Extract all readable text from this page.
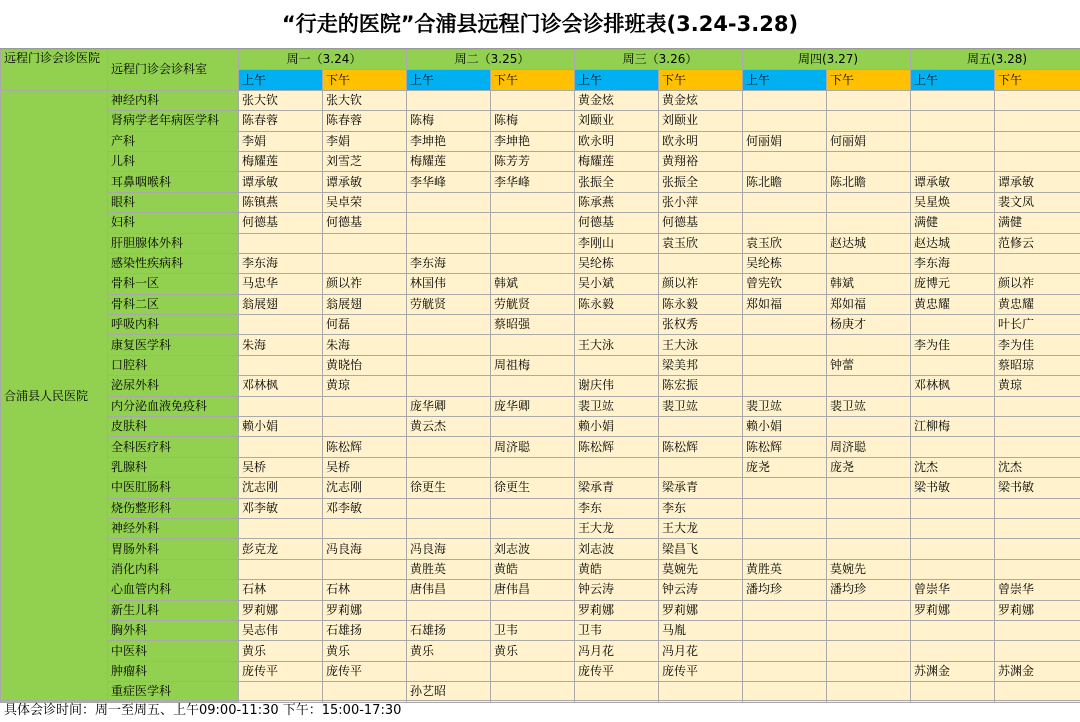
“行走的医院”合浦县远程门诊会诊排班表(3.24-3.28)
远程门诊会诊医院	远程门诊会诊科室	周一（3.24）		周二（3.25）		周三（3.26）		周四(3.27)		周五(3.28)	
		上午	下午	上午	下午	上午	下午	上午	下午	上午	下午
合浦县人民医院	神经内科	张大钦	张大钦			黄金炫	黄金炫				
	肾病学老年病医学科	陈春蓉	陈春蓉	陈梅	陈梅	刘颐业	刘颐业				
	产科	李娟	李娟	李坤艳	李坤艳	欧永明	欧永明	何丽娟	何丽娟		
	儿科	梅耀莲	刘雪芝	梅耀莲	陈芳芳	梅耀莲	黄翔裕				
	耳鼻咽喉科	谭承敏	谭承敏	李华峰	李华峰	张振全	张振全	陈北瞻	陈北瞻	谭承敏	谭承敏
	眼科	陈镇燕	吴卓荣			陈承燕	张小萍			吴星焕	裴文凤
	妇科	何德基	何德基			何德基	何德基			满健	满健
	肝胆腺体外科					李刚山	袁玉欣	袁玉欣	赵达城	赵达城	范修云
	感染性疾病科	李东海		李东海		吴纶栋		吴纶栋		李东海	
	骨科一区	马忠华	颜以祚	林国伟	韩斌	吴小斌	颜以祚	曾宪钦	韩斌	庞博元	颜以祚
	骨科二区	翁展翅	翁展翅	劳觥贤	劳觥贤	陈永毅	陈永毅	郑如福	郑如福	黄忠耀	黄忠耀
	呼吸内科		何磊		蔡昭强		张权秀		杨庚才		叶长广
	康复医学科	朱海	朱海			王大泳	王大泳			李为佳	李为佳
	口腔科		黄晓怡		周祖梅		梁美邦		钟蕾		蔡昭琼
	泌尿外科	邓林枫	黄琼			谢庆伟	陈宏振			邓林枫	黄琼
	内分泌血液免疫科			庞华卿	庞华卿	裴卫竑	裴卫竑	裴卫竑	裴卫竑		
	皮肤科	赖小娟		黄云杰		赖小娟		赖小娟		江柳梅	
	全科医疗科		陈松辉		周济聪	陈松辉	陈松辉	陈松辉	周济聪		
	乳腺科	吴桥	吴桥					庞尧	庞尧	沈杰	沈杰
	中医肛肠科	沈志刚	沈志刚	徐更生	徐更生	梁承青	梁承青			梁书敏	梁书敏
	烧伤整形科	邓李敏	邓李敏			李东	李东				
	神经外科					王大龙	王大龙				
	胃肠外科	彭克龙	冯良海	冯良海	刘志波	刘志波	梁昌飞				
	消化内科			黄胜英	黄皓	黄皓	莫婉先	黄胜英	莫婉先		
	心血管内科	石林	石林	唐伟昌	唐伟昌	钟云涛	钟云涛	潘均珍	潘均珍	曾崇华	曾崇华
	新生儿科	罗莉娜	罗莉娜			罗莉娜	罗莉娜			罗莉娜	罗莉娜
	胸外科	吴志伟	石雄扬	石雄扬	卫韦	卫韦	马胤				
	中医科	黄乐	黄乐	黄乐	黄乐	冯月花	冯月花				
	肿瘤科	庞传平	庞传平			庞传平	庞传平			苏渊金	苏渊金
	重症医学科			孙艺昭							
具体会诊时间：周一至周五、上午09:00-11:30 下午：15:00-17:30
